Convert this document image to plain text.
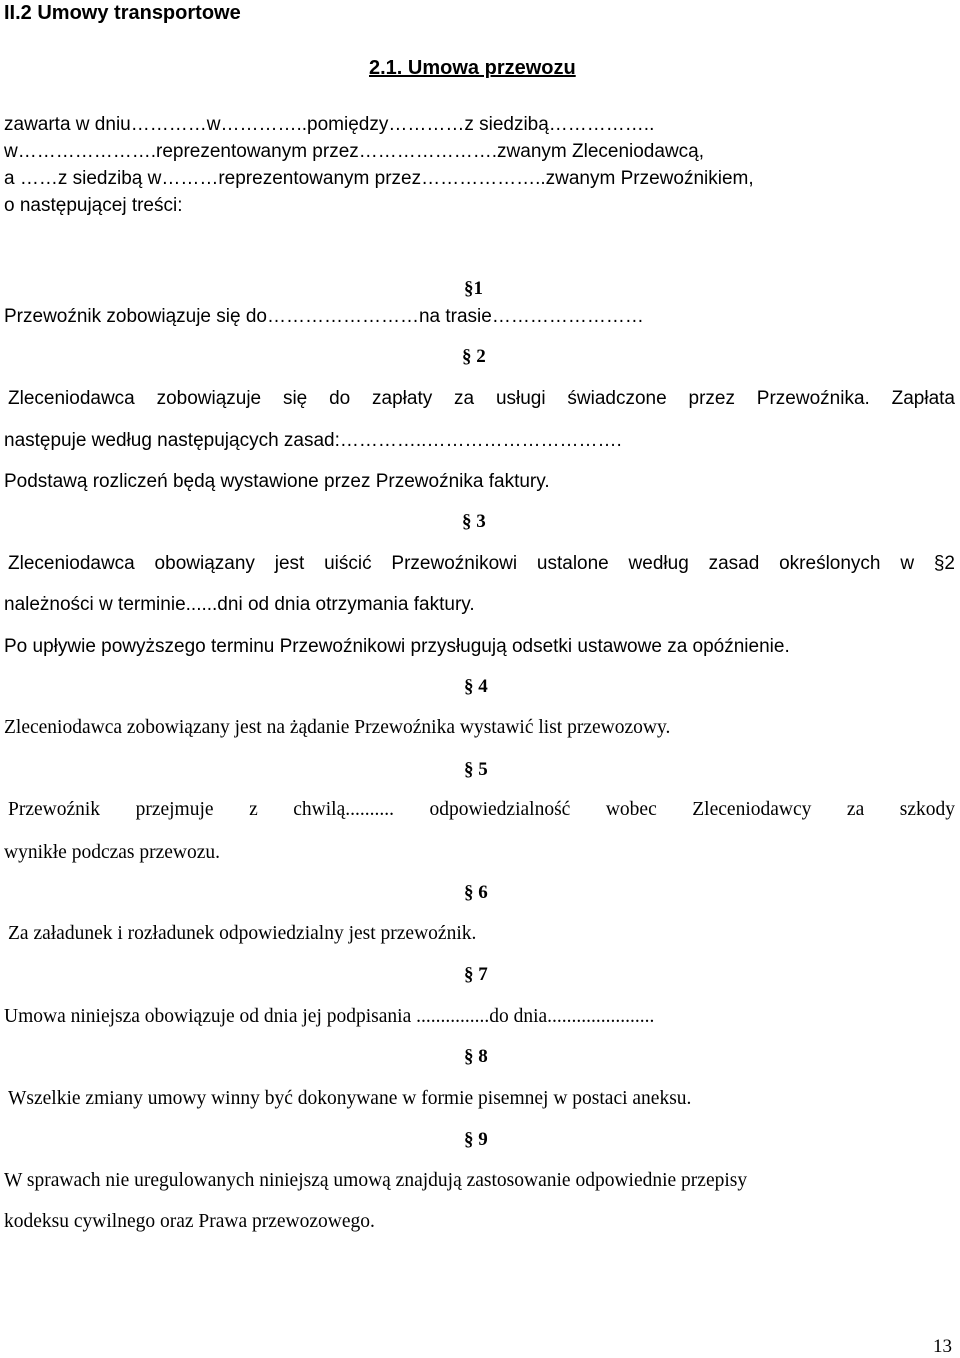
II.2 Umowy transportowe
2.1. Umowa przewozu
zawarta w dniu…………w…………..pomiędzy…………z siedzibą……………..
w………………….reprezentowanym przez………………….zwanym Zleceniodawcą,
a ……z siedzibą w………reprezentowanym przez………………..zwanym Przewoźnikiem,
o następującej treści:
§1
Przewoźnik zobowiązuje się do……………………na trasie……………………
§ 2
Zleceniodawca zobowiązuje się do zapłaty za usługi świadczone przez Przewoźnika. Zapłata
następuje według następujących zasad:…………..………………………….
Podstawą rozliczeń będą wystawione przez Przewoźnika faktury.
§ 3
Zleceniodawca obowiązany jest uiścić Przewoźnikowi ustalone według zasad określonych w §2
należności w terminie......dni od dnia otrzymania faktury.
Po upływie powyższego terminu Przewoźnikowi przysługują odsetki ustawowe za opóźnienie.
§ 4
Zleceniodawca zobowiązany jest na żądanie Przewoźnika wystawić list przewozowy.
§ 5
Przewoźnik przejmuje z chwilą.......... odpowiedzialność wobec Zleceniodawcy za szkody
wynikłe podczas przewozu.
§ 6
Za załadunek i rozładunek odpowiedzialny jest przewoźnik.
§ 7
Umowa niniejsza obowiązuje od dnia jej podpisania ...............do dnia......................
§ 8
Wszelkie zmiany umowy winny być dokonywane w formie pisemnej w postaci aneksu.
§ 9
W sprawach nie uregulowanych niniejszą umową znajdują zastosowanie odpowiednie przepisy
kodeksu cywilnego oraz Prawa przewozowego.
13
